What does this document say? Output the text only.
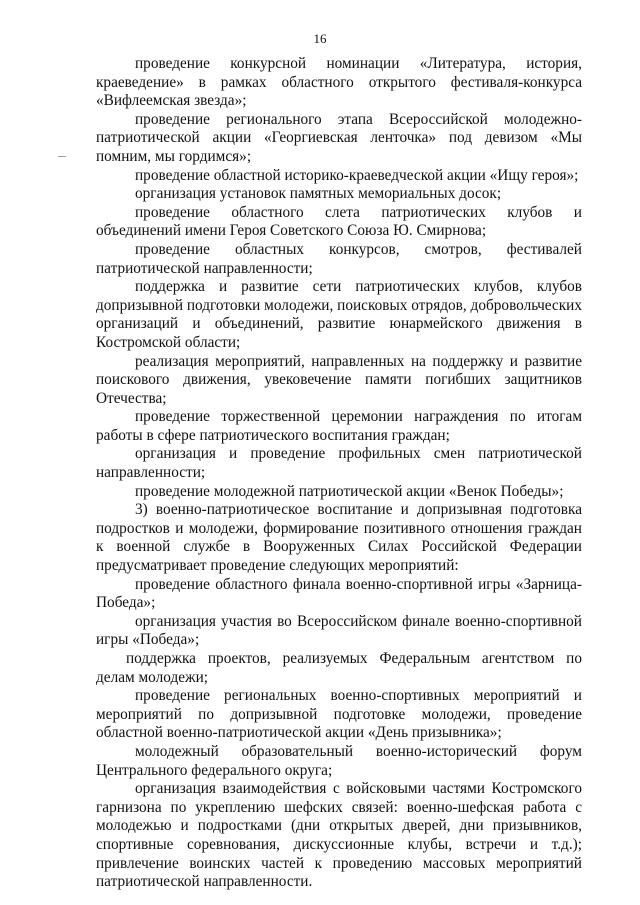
16

проведение конкурсной номинации «Литература, история, краеведение» в рамках областного открытого фестиваля-конкурса «Вифлеемская звезда»;

проведение регионального этапа Всероссийской молодежно-патриотической акции «Георгиевская ленточка» под девизом «Мы помним, мы гордимся»;

проведение областной историко-краеведческой акции «Ищу героя»;

организация установок памятных мемориальных досок;

проведение областного слета патриотических клубов и объединений имени Героя Советского Союза Ю. Смирнова;

проведение областных конкурсов, смотров, фестивалей патриотической направленности;

поддержка и развитие сети патриотических клубов, клубов допризывной подготовки молодежи, поисковых отрядов, добровольческих организаций и объединений, развитие юнармейского движения в Костромской области;

реализация мероприятий, направленных на поддержку и развитие поискового движения, увековечение памяти погибших защитников Отечества;

проведение торжественной церемонии награждения по итогам работы в сфере патриотического воспитания граждан;

организация и проведение профильных смен патриотической направленности;

проведение молодежной патриотической акции «Венок Победы»;

3) военно-патриотическое воспитание и допризывная подготовка подростков и молодежи, формирование позитивного отношения граждан к военной службе в Вооруженных Силах Российской Федерации предусматривает проведение следующих мероприятий:

проведение областного финала военно-спортивной игры «Зарница-Победа»;

организация участия во Всероссийском финале военно-спортивной игры «Победа»;

поддержка проектов, реализуемых Федеральным агентством по делам молодежи;

проведение региональных военно-спортивных мероприятий и мероприятий по допризывной подготовке молодежи, проведение областной военно-патриотической акции «День призывника»;

молодежный образовательный военно-исторический форум Центрального федерального округа;

организация взаимодействия с войсковыми частями Костромского гарнизона по укреплению шефских связей: военно-шефская работа с молодежью и подростками (дни открытых дверей, дни призывников, спортивные соревнования, дискуссионные клубы, встречи и т.д.); привлечение воинских частей к проведению массовых мероприятий патриотической направленности.
